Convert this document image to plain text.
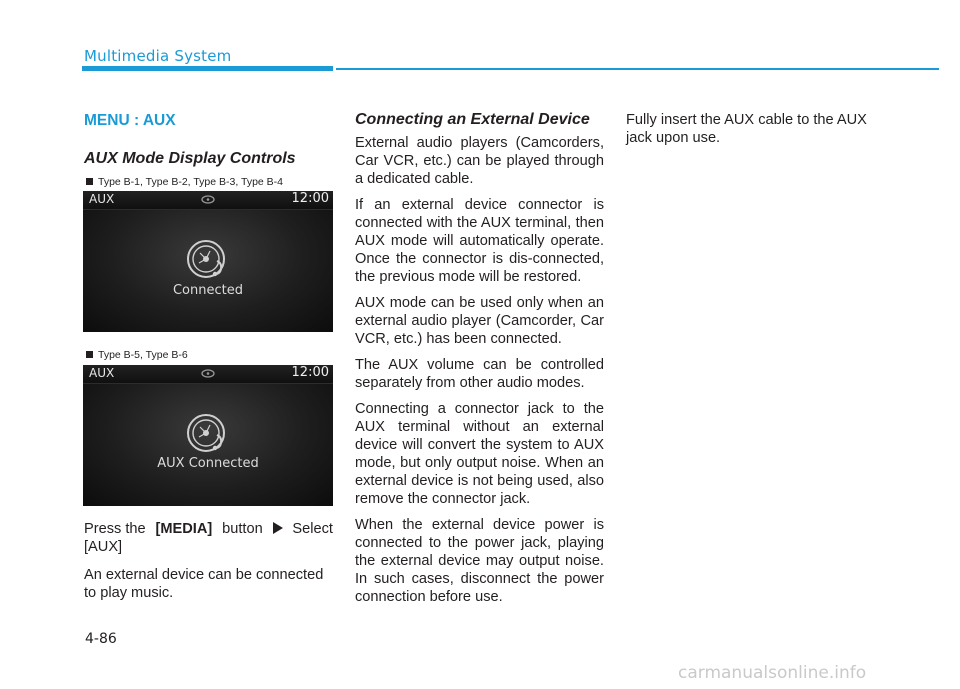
Multimedia System
MENU : AUX
AUX Mode Display Controls
Type B-1, Type B-2, Type B-3, Type B-4
AUX	12:00
Connected
Type B-5, Type B-6
AUX	12:00
AUX Connected
Press the [MEDIA] button Select
[AUX]

An external device can be connected to play music.

Connecting an External Device

External audio players (Camcorders, Car VCR, etc.) can be played through a dedicated cable.

If an external device connector is connected with the AUX terminal, then AUX mode will automatically operate. Once the connector is dis-connected, the previous mode will be restored.

AUX mode can be used only when an external audio player (Camcorder, Car VCR, etc.) has been connected.

The AUX volume can be controlled separately from other audio modes.

Connecting a connector jack to the AUX terminal without an external device will convert the system to AUX mode, but only output noise. When an external device is not being used, also remove the connector jack.

When the external device power is connected to the power jack, playing the external device may output noise. In such cases, disconnect the power connection before use.

Fully insert the AUX cable to the AUX jack upon use.

4-86
carmanualsonline.info
